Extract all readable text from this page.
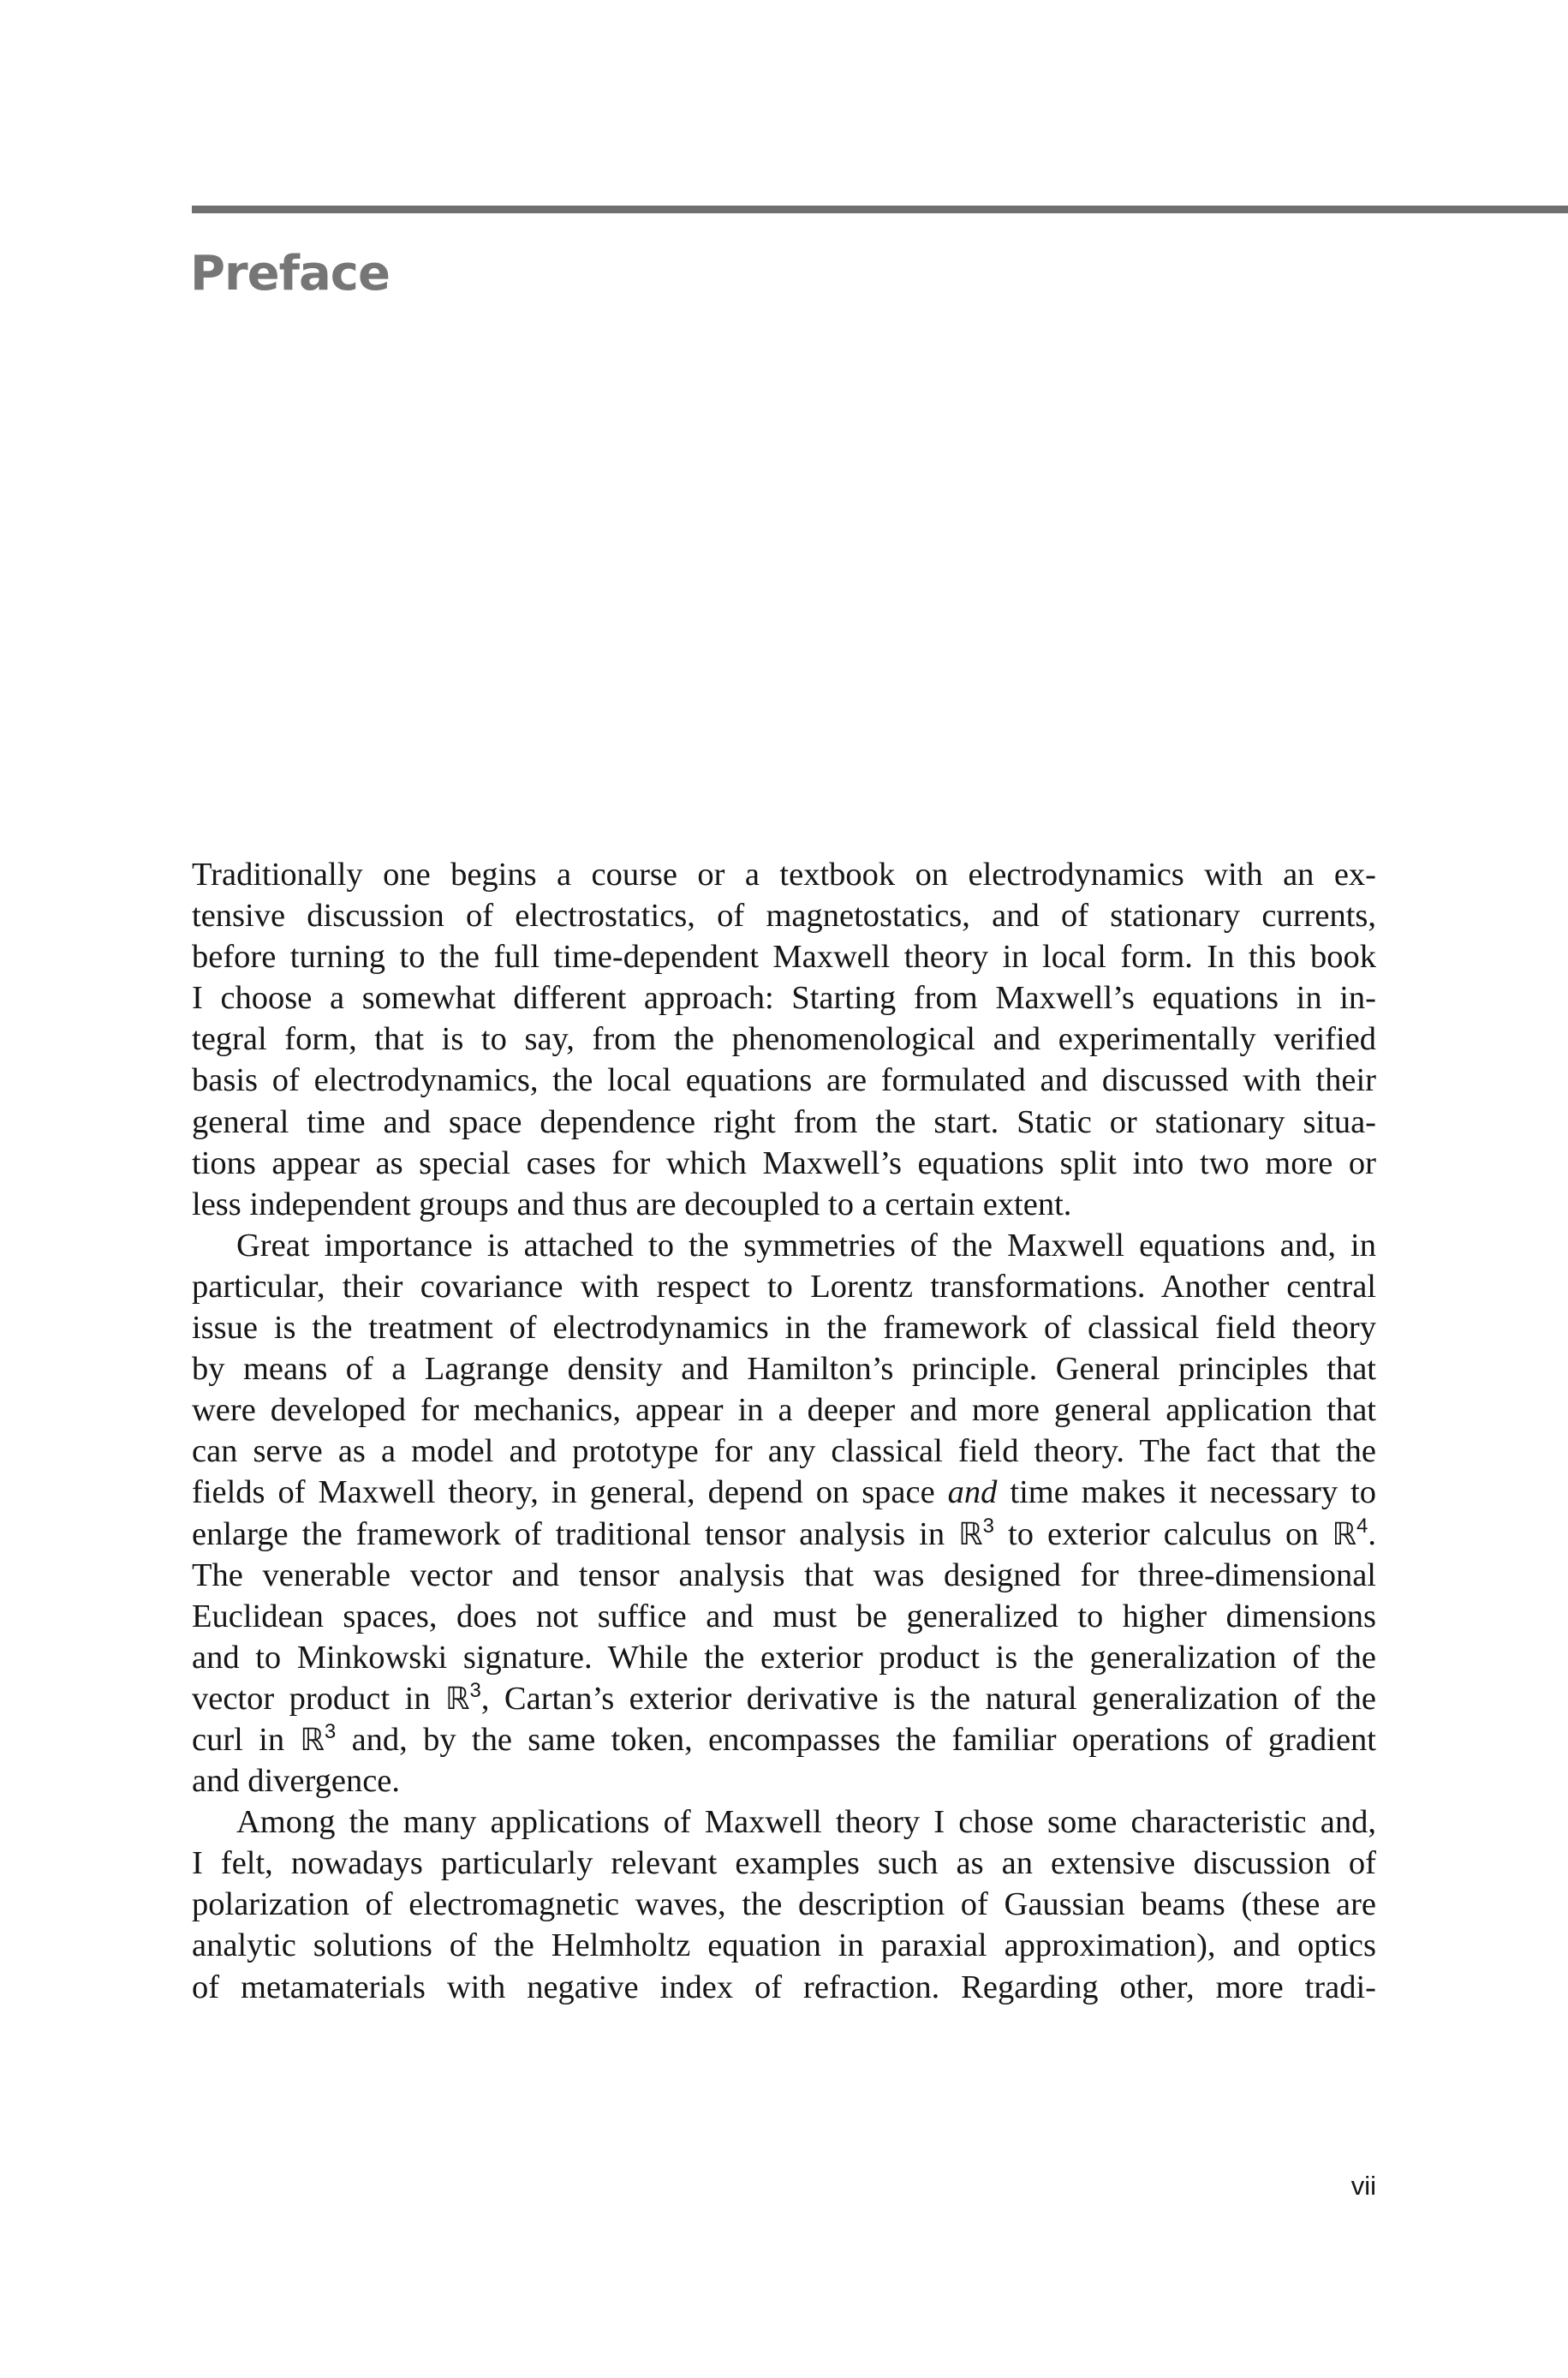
Preface
Traditionally one begins a course or a textbook on electrodynamics with an ex-
tensive discussion of electrostatics, of magnetostatics, and of stationary currents,
before turning to the full time-dependent Maxwell theory in local form. In this book
I choose a somewhat different approach: Starting from Maxwell’s equations in in-
tegral form, that is to say, from the phenomenological and experimentally verified
basis of electrodynamics, the local equations are formulated and discussed with their
general time and space dependence right from the start. Static or stationary situa-
tions appear as special cases for which Maxwell’s equations split into two more or
less independent groups and thus are decoupled to a certain extent.
Great importance is attached to the symmetries of the Maxwell equations and, in
particular, their covariance with respect to Lorentz transformations. Another central
issue is the treatment of electrodynamics in the framework of classical field theory
by means of a Lagrange density and Hamilton’s principle. General principles that
were developed for mechanics, appear in a deeper and more general application that
can serve as a model and prototype for any classical field theory. The fact that the
fields of Maxwell theory, in general, depend on space and time makes it necessary to
enlarge the framework of traditional tensor analysis in ℝ$^3$ to exterior calculus on ℝ$^4$.
The venerable vector and tensor analysis that was designed for three-dimensional
Euclidean spaces, does not suffice and must be generalized to higher dimensions
and to Minkowski signature. While the exterior product is the generalization of the
vector product in ℝ$^3$, Cartan’s exterior derivative is the natural generalization of the
curl in ℝ$^3$ and, by the same token, encompasses the familiar operations of gradient
and divergence.
Among the many applications of Maxwell theory I chose some characteristic and,
I felt, nowadays particularly relevant examples such as an extensive discussion of
polarization of electromagnetic waves, the description of Gaussian beams (these are
analytic solutions of the Helmholtz equation in paraxial approximation), and optics
of metamaterials with negative index of refraction. Regarding other, more tradi-
vii
